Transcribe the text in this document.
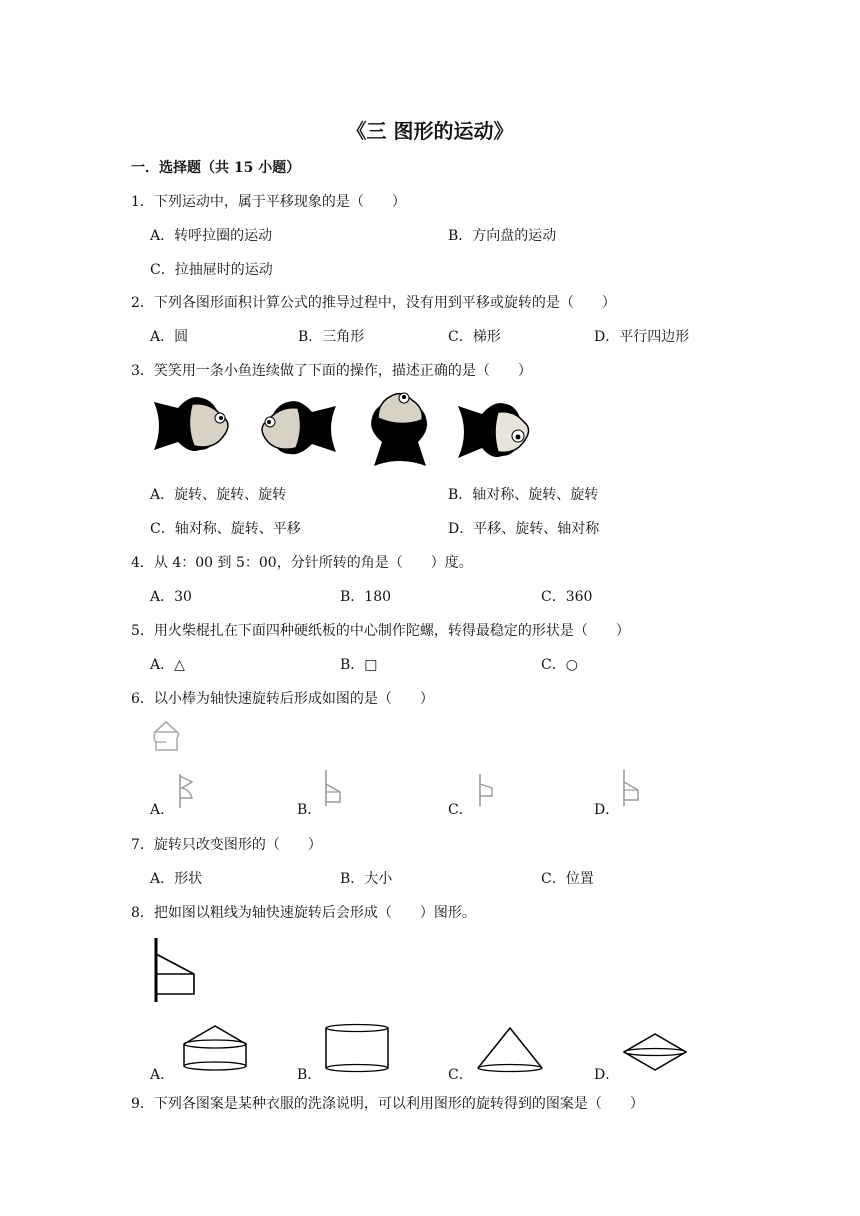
《三 图形的运动》
一．选择题（共 15 小题）
1．下列运动中，属于平移现象的是（　　）
A．转呼拉圈的运动	B．方向盘的运动
C．拉抽屉时的运动
2．下列各图形面积计算公式的推导过程中，没有用到平移或旋转的是（　　）
A．圆	B．三角形	C．梯形	D．平行四边形
3．笑笑用一条小鱼连续做了下面的操作，描述正确的是（　　）
A．旋转、旋转、旋转	B．轴对称、旋转、旋转
C．轴对称、旋转、平移	D．平移、旋转、轴对称
4．从 4：00 到 5：00，分针所转的角是（　　）度。
A．30	B．180	C．360
5．用火柴棍扎在下面四种硬纸板的中心制作陀螺，转得最稳定的形状是（　　）
A．△	B．□	C．○
6．以小棒为轴快速旋转后形成如图的是（　　）
A．	B．	C．	D．
7．旋转只改变图形的（　　）
A．形状	B．大小	C．位置
8．把如图以粗线为轴快速旋转后会形成（　　）图形。
A．	B．	C．	D．
9．下列各图案是某种衣服的洗涤说明，可以利用图形的旋转得到的图案是（　　）
